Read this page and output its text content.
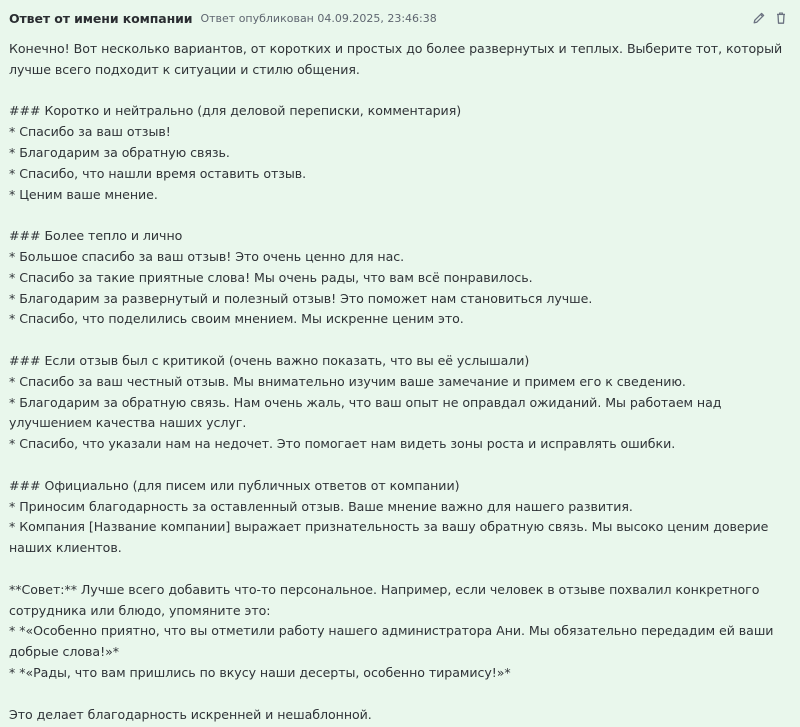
Ответ от имени компании Ответ опубликован 04.09.2025, 23:46:38
Конечно! Вот несколько вариантов, от коротких и простых до более развернутых и теплых. Выберите тот, который
лучше всего подходит к ситуации и стилю общения.
### Коротко и нейтрально (для деловой переписки, комментария)
* Спасибо за ваш отзыв!
* Благодарим за обратную связь.
* Спасибо, что нашли время оставить отзыв.
* Ценим ваше мнение.
### Более тепло и лично
* Большое спасибо за ваш отзыв! Это очень ценно для нас.
* Спасибо за такие приятные слова! Мы очень рады, что вам всё понравилось.
* Благодарим за развернутый и полезный отзыв! Это поможет нам становиться лучше.
* Спасибо, что поделились своим мнением. Мы искренне ценим это.
### Если отзыв был с критикой (очень важно показать, что вы её услышали)
* Спасибо за ваш честный отзыв. Мы внимательно изучим ваше замечание и примем его к сведению.
* Благодарим за обратную связь. Нам очень жаль, что ваш опыт не оправдал ожиданий. Мы работаем над
улучшением качества наших услуг.
* Спасибо, что указали нам на недочет. Это помогает нам видеть зоны роста и исправлять ошибки.
### Официально (для писем или публичных ответов от компании)
* Приносим благодарность за оставленный отзыв. Ваше мнение важно для нашего развития.
* Компания [Название компании] выражает признательность за вашу обратную связь. Мы высоко ценим доверие
наших клиентов.
**Совет:** Лучше всего добавить что-то персональное. Например, если человек в отзыве похвалил конкретного
сотрудника или блюдо, упомяните это:
* *«Особенно приятно, что вы отметили работу нашего администратора Ани. Мы обязательно передадим ей ваши
добрые слова!»*
* *«Рады, что вам пришлись по вкусу наши десерты, особенно тирамису!»*
Это делает благодарность искренней и нешаблонной.
